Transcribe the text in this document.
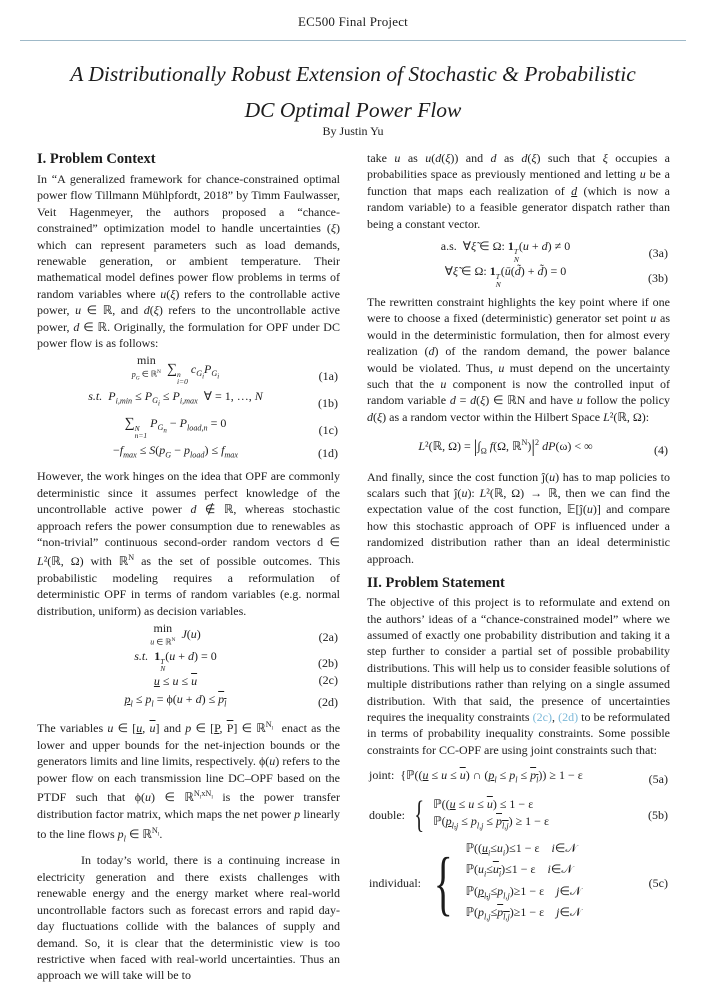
EC500 Final Project
A Distributionally Robust Extension of Stochastic & Probabilistic
DC Optimal Power Flow
By Justin Yu
I. Problem Context

In “A generalized framework for chance-constrained optimal power flow Tillmann Mühlpfordt, 2018” by Timm Faulwasser, Veit Hagenmeyer, the authors proposed a “chance-constrained” optimization model to handle uncertainties (ξ) which can represent parameters such as load demands, renewable generation, or ambient temperature. Their mathematical model defines power flow problems in terms of random variables where u(ξ) refers to the controllable active power, u ∈ ℝ, and d(ξ) refers to the uncontrollable active power, d ∈ ℝ. Originally, the formulation for OPF under DC power flow is as follows:

min
$p_G$ ∈ ℝ$^N$
  ∑ n
i=0
$c_{G_i}P_{G_i}$	(1a)
s.t.  $P_{i,min} \le P_{G_i} \le P_{i,max}$ ∀ = 1, …, N
(1b)
∑ N
n=1
$P_{G_n} - P_{load,n} = 0$
(1c)
$-f_{max} \le S(p_G - p_{load}) \le f_{max}$	(1d)

However, the work hinges on the idea that OPF are commonly deterministic since it assumes perfect knowledge of the uncontrollable active power d ∉ ℝ, whereas stochastic approach refers the power consumption due to renewables as “non-trivial” continuous second-order random vectors d ∈ L²(ℝ, Ω) with ℝ$^N$ as the set of possible outcomes. This probabilistic modeling requires a reformulation of deterministic OPF in terms of random variables (e.g. normal distribution, uniform) as decision variables.

min
u ∈ ℝ$^N$
  J(u)	(2a)
s.t.  1 T
N
(u + d) = 0	(2b)
$u \le u \le \overline{u}$	(2c)
$p_l \le p_l = \phi(u + d) \le p_l$	(2d)

The variables u ∈ [u, $\overline{u}$] and p ∈ [P, $\overline{P}$] ∈ ℝ$^{N_l}$  enact as the lower and upper bounds for the net-injection bounds or the generators limits and line limits, respectively. ϕ(u) refers to the power flow on each transmission line DC–OPF based on the PTDF such that ϕ(u) ∈ ℝ$^{N_lxN_l}$ is the power transfer distribution factor matrix, which maps the net power p linearly to the line flows $p_l$ ∈ ℝ$^{N_l}$.

In today’s world, there is a continuing increase in electricity generation and there exists challenges with renewable energy and the energy market where real-world uncontrollable factors such as forecast errors and rapid day-day fluctuations collide with the balances of supply and demand. So, it is clear that the deterministic view is too restrictive when faced with real-world uncertainties. Thus an approach we will take will be to

take u as u(d(ξ)) and d as d(ξ) such that ξ occupies a probabilities space as previously mentioned and letting u be a function that maps each realization of d (which is now a random variable) to a feasible generator dispatch rather than being a constant vector.

a.s. ∀ξ̃ ∈ Ω: 1 T
N
(u + d) ≠ 0	(3a)
∀ξ̃ ∈ Ω: 1 T
N
(ū(d̃) + d̃) = 0	(3b)

The rewritten constraint highlights the key point where if one were to choose a fixed (deterministic) generator set point u as would in the deterministic formulation, then for almost every realization (d) of the random demand, the power balance would be violated. Thus, u must depend on the uncertainty such that the u component is now the controlled input of random variable d = d(ξ) ∈ ℝN and have u follow the policy d(ξ) as a random vector within the Hilbert Space L²(ℝ, Ω):

L²(ℝ, $\Omega) = |\int_\Omega$ f(Ω, $ℝ^N)|^2$ dP(ω) < ∞	(4)

And finally, since the cost function ĵ(u) has to map policies to scalars such that ĵ(u): L²(ℝ, Ω) → ℝ, then we can find the expectation value of the cost function, 𝔼[ĵ(u)] and compare how this stochastic approach of OPF is influenced under a randomized distribution rather than an ideal deterministic approach.

II. Problem Statement

The objective of this project is to reformulate and extend on the authors’ ideas of a “chance-constrained model” where we assumed of exactly one probability distribution and taking it a step further to consider a partial set of possible probability distributions. This will help us to consider feasible solutions of multiple distributions rather than relying on a single assumed distribution. With that said, the presence of uncertainties requires the inequality constraints (2c), (2d) to be reformulated in terms of probability inequality constraints. Some possible constraints for CC-OPF are using joint constraints such that:

joint: {ℙ((u ≤ $u \le \overline{u}$) ∩ $(p_l \le p_l \le p_l)) \ge 1 - \varepsilon$	(5a)
double: { ℙ((u ≤ $u \le \overline{u}) \le 1 - \varepsilon$
$ℙ(p_{l,j} \le p_{l,j} \le p_{l,j}) \ge 1 - \varepsilon$	(5b)
individual: { $ℙ((u_i\le u_i)\le 1 - \varepsilon$ i∈𝒩
$ℙ(u_i\le u_i)\le 1 - \varepsilon$ i∈𝒩
$ℙ(p_{l,j}\le p_{l,j})\ge 1 - \varepsilon$ j∈𝒩
$ℙ(p_{l,j}\le p_{l,j})\ge 1 - \varepsilon$ j∈𝒩
(5c)
